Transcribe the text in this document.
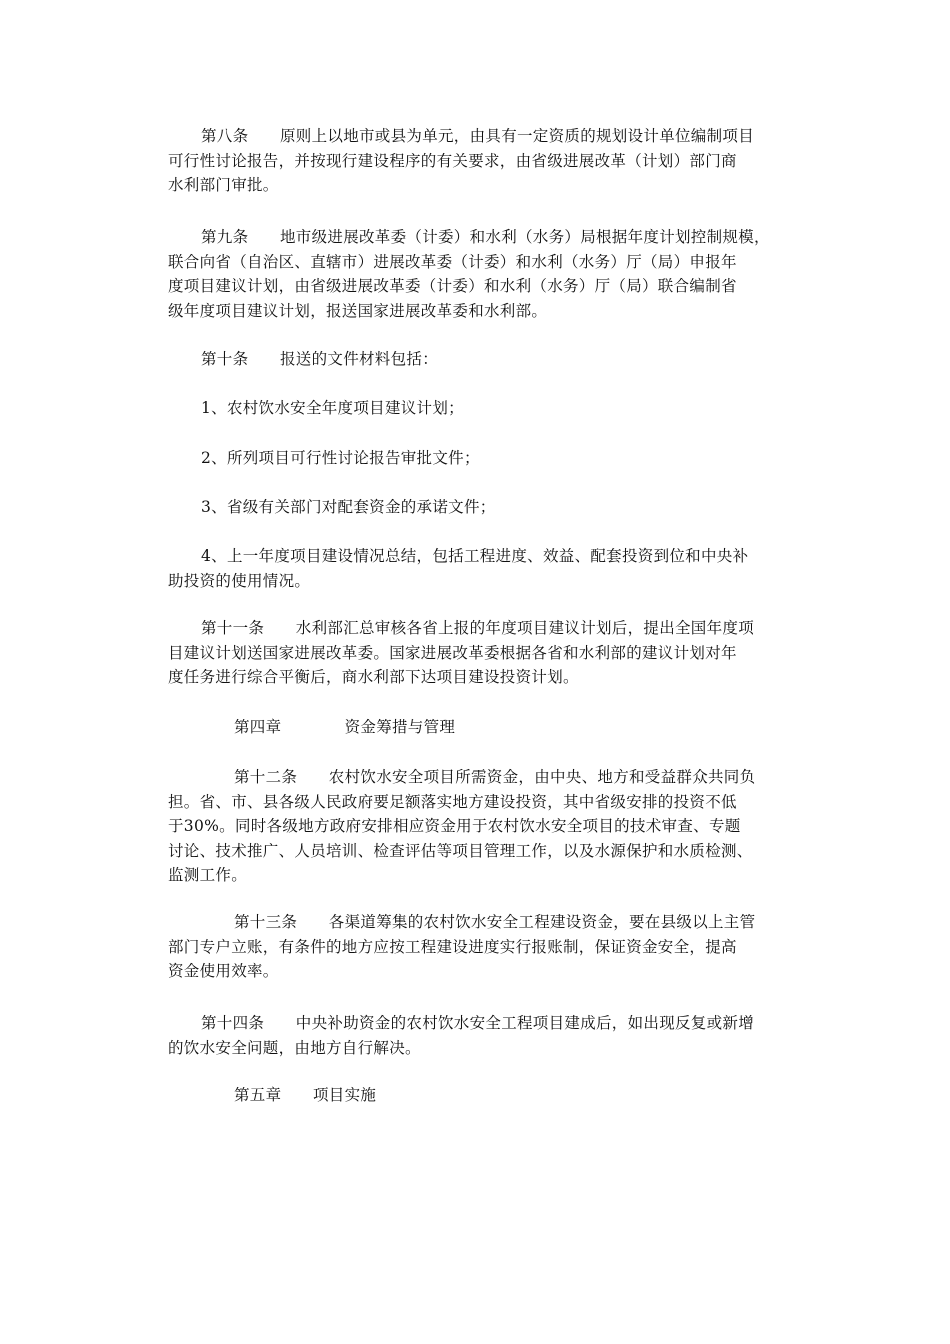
第八条　　原则上以地市或县为单元，由具有一定资质的规划设计单位编制项目
可行性讨论报告，并按现行建设程序的有关要求，由省级进展改革（计划）部门商
水利部门审批。
第九条　　地市级进展改革委（计委）和水利（水务）局根据年度计划控制规模，
联合向省（自治区、直辖市）进展改革委（计委）和水利（水务）厅（局）申报年
度项目建议计划，由省级进展改革委（计委）和水利（水务）厅（局）联合编制省
级年度项目建议计划，报送国家进展改革委和水利部。
第十条　　报送的文件材料包括：
1、农村饮水安全年度项目建议计划；
2、所列项目可行性讨论报告审批文件；
3、省级有关部门对配套资金的承诺文件；
4、上一年度项目建设情况总结，包括工程进度、效益、配套投资到位和中央补
助投资的使用情况。
第十一条　　水利部汇总审核各省上报的年度项目建议计划后，提出全国年度项
目建议计划送国家进展改革委。国家进展改革委根据各省和水利部的建议计划对年
度任务进行综合平衡后，商水利部下达项目建设投资计划。
第四章　　　　资金筹措与管理
第十二条　　农村饮水安全项目所需资金，由中央、地方和受益群众共同负
担。省、市、县各级人民政府要足额落实地方建设投资，其中省级安排的投资不低
于30%。同时各级地方政府安排相应资金用于农村饮水安全项目的技术审查、专题
讨论、技术推广、人员培训、检查评估等项目管理工作，以及水源保护和水质检测、
监测工作。
第十三条　　各渠道筹集的农村饮水安全工程建设资金，要在县级以上主管
部门专户立账，有条件的地方应按工程建设进度实行报账制，保证资金安全，提高
资金使用效率。
第十四条　　中央补助资金的农村饮水安全工程项目建成后，如出现反复或新增
的饮水安全问题，由地方自行解决。
第五章　　项目实施
